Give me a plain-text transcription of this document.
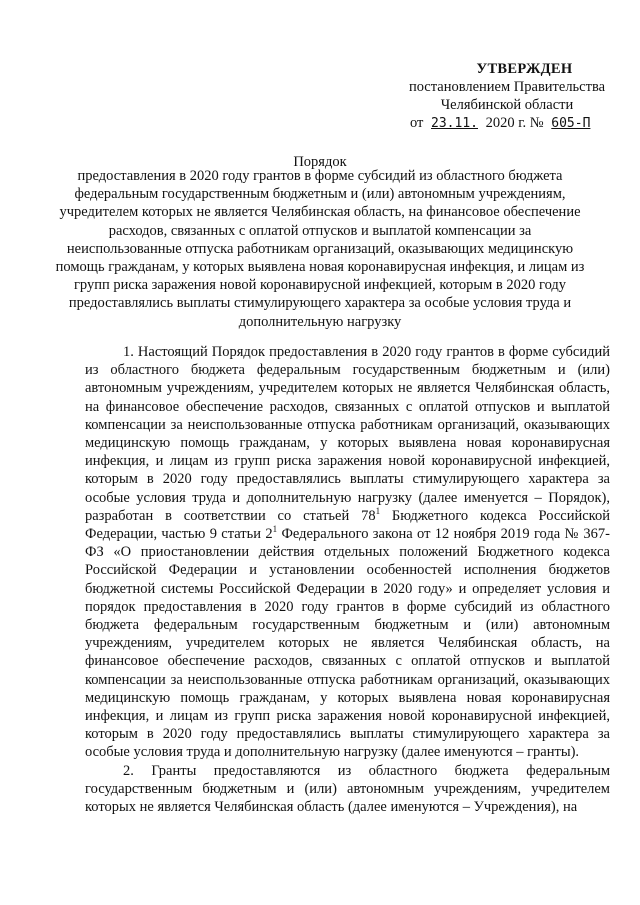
УТВЕРЖДЕН
постановлением Правительства
Челябинской области
от 23.11. 2020 г. № 605-П
Порядок
предоставления в 2020 году грантов в форме субсидий из областного бюджета федеральным государственным бюджетным и (или) автономным учреждениям, учредителем которых не является Челябинская область, на финансовое обеспечение расходов, связанных с оплатой отпусков и выплатой компенсации за неиспользованные отпуска работникам организаций, оказывающих медицинскую помощь гражданам, у которых выявлена новая коронавирусная инфекция, и лицам из групп риска заражения новой коронавирусной инфекцией, которым в 2020 году предоставлялись выплаты стимулирующего характера за особые условия труда и дополнительную нагрузку

1. Настоящий Порядок предоставления в 2020 году грантов в форме субсидий из областного бюджета федеральным государственным бюджетным и (или) автономным учреждениям, учредителем которых не является Челябинская область, на финансовое обеспечение расходов, связанных с оплатой отпусков и выплатой компенсации за неиспользованные отпуска работникам организаций, оказывающих медицинскую помощь гражданам, у которых выявлена новая коронавирусная инфекция, и лицам из групп риска заражения новой коронавирусной инфекцией, которым в 2020 году предоставлялись выплаты стимулирующего характера за особые условия труда и дополнительную нагрузку (далее именуется – Порядок), разработан в соответствии со статьей $78^1$ Бюджетного кодекса Российской Федерации, частью 9 статьи $2^1$ Федерального закона от 12 ноября 2019 года № 367-ФЗ «О приостановлении действия отдельных положений Бюджетного кодекса Российской Федерации и установлении особенностей исполнения бюджетов бюджетной системы Российской Федерации в 2020 году» и определяет условия и порядок предоставления в 2020 году грантов в форме субсидий из областного бюджета федеральным государственным бюджетным и (или) автономным учреждениям, учредителем которых не является Челябинская область, на финансовое обеспечение расходов, связанных с оплатой отпусков и выплатой компенсации за неиспользованные отпуска работникам организаций, оказывающих медицинскую помощь гражданам, у которых выявлена новая коронавирусная инфекция, и лицам из групп риска заражения новой коронавирусной инфекцией, которым в 2020 году предоставлялись выплаты стимулирующего характера за особые условия труда и дополнительную нагрузку (далее именуются – гранты).

2. Гранты предоставляются из областного бюджета федеральным государственным бюджетным и (или) автономным учреждениям, учредителем которых не является Челябинская область (далее именуются – Учреждения), на
